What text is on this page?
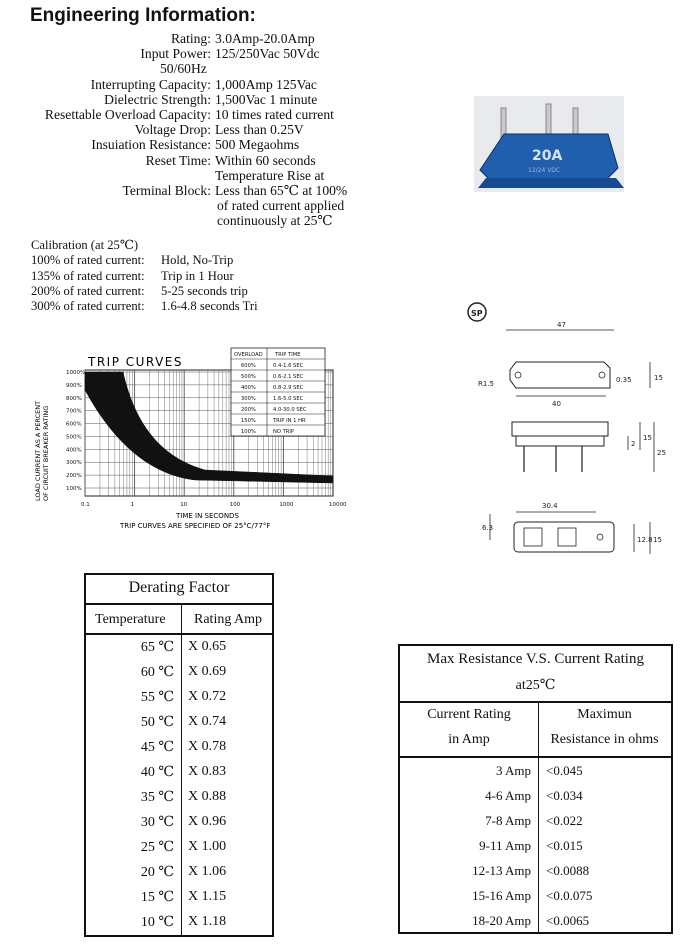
Engineering Information:
Rating: 3.0Amp-20.0Amp
Input Power: 125/250Vac 50Vdc
50/60Hz
Interrupting Capacity: 1,000Amp 125Vac
Dielectric Strength: 1,500Vac 1 minute
Resettable Overload Capacity: 10 times rated current
Voltage Drop: Less than 0.25V
Insuiation Resistance: 500 Megaohms
Reset Time: Within 60 seconds
Temperature Rise at
Terminal Block: Less than 65℃ at 100%
of rated current applied
continuously at 25℃
Calibration (at 25℃)
100% of rated current: Hold, No-Trip
135% of rated current: Trip in 1 Hour
200% of rated current: 5-25 seconds trip
300% of rated current: 1.6-4.8 seconds Tri
20A
12/24 VDC
TRIP CURVES
1000%
900%
800%
700%
600%
500%
400%
300%
200%
100%
0.1	1	10	100	1000	10000
OVERLOAD TRIP TIME
600%	0.4-1.6 SEC
500%	0.6-2.1 SEC
400%	0.8-2.9 SEC
300%	1.6-5.0 SEC
200%	4.0-30.0 SEC
150%	TRIP IN 1 HR
100%	NO TRIP
LOAD CURRENT AS A PERCENT OF CIRCUIT BREAKER RATING
TIME IN SECONDS
TRIP CURVES ARE SPECIFIED OF 25°C/77°F
SP
47
40
R1.5	0.35	15
2
15
25
30.4
6.3
12.8 15
Derating Factor
Temperature Rating Amp
65 ℃ X 0.65
60 ℃ X 0.69
55 ℃ X 0.72
50 ℃ X 0.74
45 ℃ X 0.78
40 ℃ X 0.83
35 ℃ X 0.88
30 ℃ X 0.96
25 ℃ X 1.00
20 ℃ X 1.06
15 ℃ X 1.15
10 ℃ X 1.18
Max Resistance V.S. Current Rating
at25℃
Current Rating
in Amp
Maximun
Resistance in ohms
3 Amp <0.045
4-6 Amp <0.034
7-8 Amp <0.022
9-11 Amp <0.015
12-13 Amp <0.0088
15-16 Amp <0.0.075
18-20 Amp <0.0065
